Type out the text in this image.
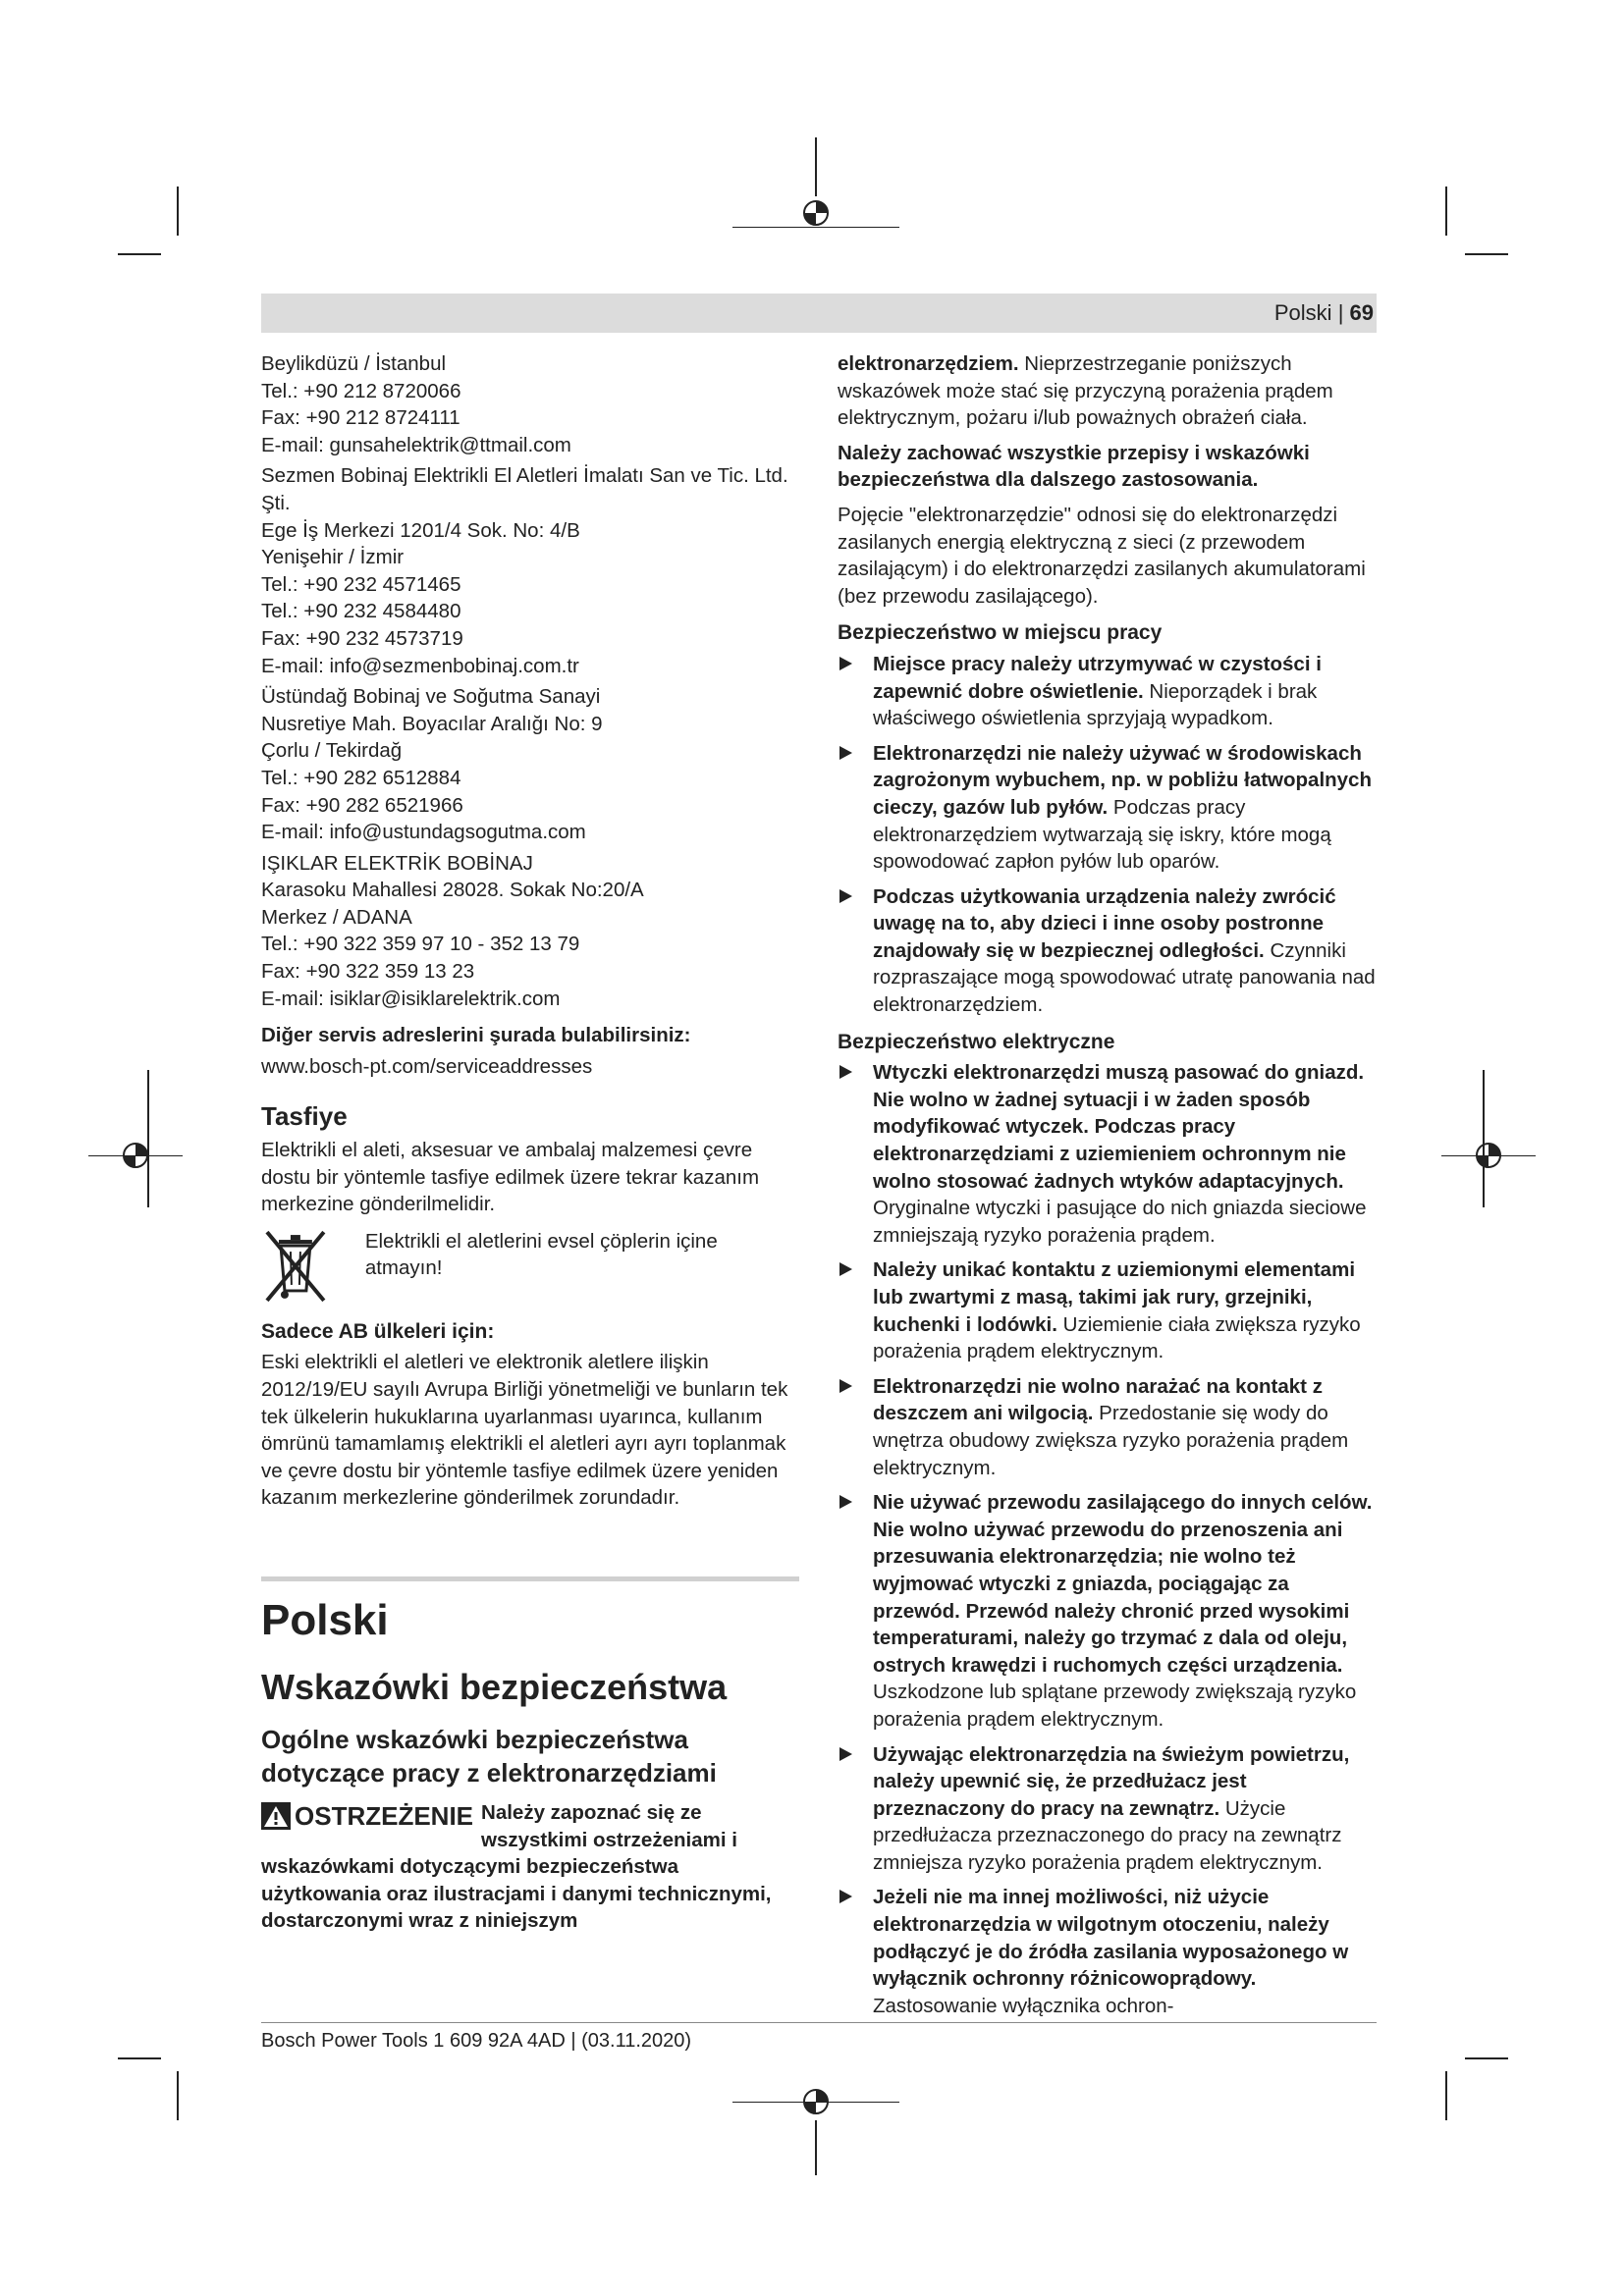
Polski | 69
Beylikdüzü / İstanbul
Tel.: +90 212 8720066
Fax: +90 212 8724111
E-mail: gunsahelektrik@ttmail.com
Sezmen Bobinaj Elektrikli El Aletleri İmalatı San ve Tic. Ltd.
Şti.
Ege İş Merkezi 1201/4 Sok. No: 4/B
Yenişehir / İzmir
Tel.: +90 232 4571465
Tel.: +90 232 4584480
Fax: +90 232 4573719
E-mail: info@sezmenbobinaj.com.tr
Üstündağ Bobinaj ve Soğutma Sanayi
Nusretiye Mah. Boyacılar Aralığı No: 9
Çorlu / Tekirdağ
Tel.: +90 282 6512884
Fax: +90 282 6521966
E-mail: info@ustundagsogutma.com
IŞIKLAR ELEKTRİK BOBİNAJ
Karasoku Mahallesi 28028. Sokak No:20/A
Merkez / ADANA
Tel.: +90 322 359 97 10 - 352 13 79
Fax: +90 322 359 13 23
E-mail: isiklar@isiklarelektrik.com
Diğer servis adreslerini şurada bulabilirsiniz:
www.bosch-pt.com/serviceaddresses
Tasfiye
Elektrikli el aleti, aksesuar ve ambalaj malzemesi çevre dostu bir yöntemle tasfiye edilmek üzere tekrar kazanım merkezine gönderilmelidir.
Elektrikli el aletlerini evsel çöplerin içine atmayın!
Sadece AB ülkeleri için:
Eski elektrikli el aletleri ve elektronik aletlere ilişkin 2012/19/EU sayılı Avrupa Birliği yönetmeliği ve bunların tek tek ülkelerin hukuklarına uyarlanması uyarınca, kullanım ömrünü tamamlamış elektrikli el aletleri ayrı ayrı toplanmak ve çevre dostu bir yöntemle tasfiye edilmek üzere yeniden kazanım merkezlerine gönderilmek zorundadır.
Polski
Wskazówki bezpieczeństwa
Ogólne wskazówki bezpieczeństwa dotyczące pracy z elektronarzędziami
OSTRZEŻENIE Należy zapoznać się ze wszystkimi ostrzeżeniami i wskazówkami dotyczącymi bezpieczeństwa użytkowania oraz ilustracjami i danymi technicznymi, dostarczonymi wraz z niniejszym
elektronarzędziem. Nieprzestrzeganie poniższych wskazówek może stać się przyczyną porażenia prądem elektrycznym, pożaru i/lub poważnych obrażeń ciała.
Należy zachować wszystkie przepisy i wskazówki bezpieczeństwa dla dalszego zastosowania.
Pojęcie "elektronarzędzie" odnosi się do elektronarzędzi zasilanych energią elektryczną z sieci (z przewodem zasilającym) i do elektronarzędzi zasilanych akumulatorami (bez przewodu zasilającego).
Bezpieczeństwo w miejscu pracy
Miejsce pracy należy utrzymywać w czystości i zapewnić dobre oświetlenie. Nieporządek i brak właściwego oświetlenia sprzyjają wypadkom.
Elektronarzędzi nie należy używać w środowiskach zagrożonym wybuchem, np. w pobliżu łatwopalnych cieczy, gazów lub pyłów. Podczas pracy elektronarzędziem wytwarzają się iskry, które mogą spowodować zapłon pyłów lub oparów.
Podczas użytkowania urządzenia należy zwrócić uwagę na to, aby dzieci i inne osoby postronne znajdowały się w bezpiecznej odległości. Czynniki rozpraszające mogą spowodować utratę panowania nad elektronarzędziem.
Bezpieczeństwo elektryczne
Wtyczki elektronarzędzi muszą pasować do gniazd. Nie wolno w żadnej sytuacji i w żaden sposób modyfikować wtyczek. Podczas pracy elektronarzędziami z uziemieniem ochronnym nie wolno stosować żadnych wtyków adaptacyjnych. Oryginalne wtyczki i pasujące do nich gniazda sieciowe zmniejszają ryzyko porażenia prądem.
Należy unikać kontaktu z uziemionymi elementami lub zwartymi z masą, takimi jak rury, grzejniki, kuchenki i lodówki. Uziemienie ciała zwiększa ryzyko porażenia prądem elektrycznym.
Elektronarzędzi nie wolno narażać na kontakt z deszczem ani wilgocią. Przedostanie się wody do wnętrza obudowy zwiększa ryzyko porażenia prądem elektrycznym.
Nie używać przewodu zasilającego do innych celów. Nie wolno używać przewodu do przenoszenia ani przesuwania elektronarzędzia; nie wolno też wyjmować wtyczki z gniazda, pociągając za przewód. Przewód należy chronić przed wysokimi temperaturami, należy go trzymać z dala od oleju, ostrych krawędzi i ruchomych części urządzenia. Uszkodzone lub splątane przewody zwiększają ryzyko porażenia prądem elektrycznym.
Używając elektronarzędzia na świeżym powietrzu, należy upewnić się, że przedłużacz jest przeznaczony do pracy na zewnątrz. Użycie przedłużacza przeznaczonego do pracy na zewnątrz zmniejsza ryzyko porażenia prądem elektrycznym.
Jeżeli nie ma innej możliwości, niż użycie elektronarzędzia w wilgotnym otoczeniu, należy podłączyć je do źródła zasilania wyposażonego w wyłącznik ochronny różnicowoprądowy. Zastosowanie wyłącznika ochron-
Bosch Power Tools 1 609 92A 4AD | (03.11.2020)
